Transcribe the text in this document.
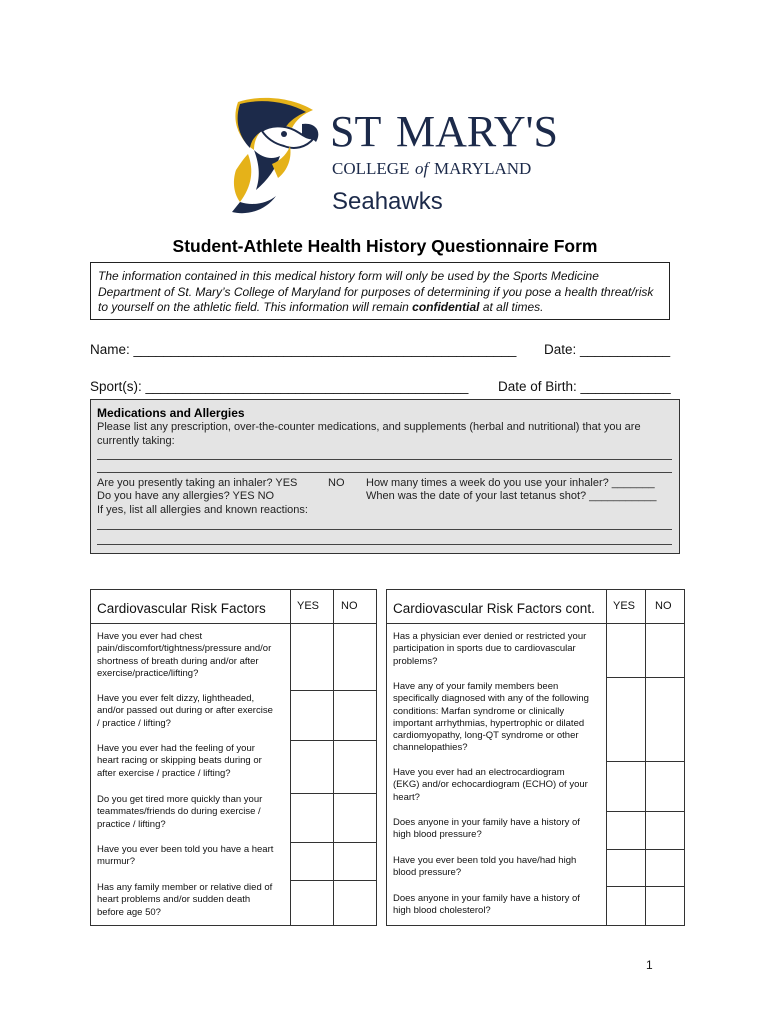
ST MARY'S
COLLEGE of MARYLAND
Seahawks
Student-Athlete Health History Questionnaire Form
The information contained in this medical history form will only be used by the Sports Medicine Department of St. Mary’s College of Maryland for purposes of determining if you pose a health threat/risk to yourself on the athletic field. This information will remain confidential at all times.
Name: ___________________________________________________ Date: ____________
Sport(s): ___________________________________________ Date of Birth: ____________
Medications and Allergies
Please list any prescription, over-the-counter medications, and supplements (herbal and nutritional) that you are
currently taking:
Are you presently taking an inhaler? YES	NO How many times a week do you use your inhaler? _______
Do you have any allergies? YES NO	When was the date of your last tetanus shot? ___________
If yes, list all allergies and known reactions:
Cardiovascular Risk Factors	YES NO
Have you ever had chest
pain/discomfort/tightness/pressure and/or
shortness of breath during and/or after
exercise/practice/lifting?
Have you ever felt dizzy, lightheaded,
and/or passed out during or after exercise
/ practice / lifting?
Have you ever had the feeling of your
heart racing or skipping beats during or
after exercise / practice / lifting?
Do you get tired more quickly than your
teammates/friends do during exercise /
practice / lifting?
Have you ever been told you have a heart
murmur?
Has any family member or relative died of
heart problems and/or sudden death
before age 50?
Cardiovascular Risk Factors cont. YES NO
Has a physician ever denied or restricted your
participation in sports due to cardiovascular
problems?
Have any of your family members been
specifically diagnosed with any of the following
conditions: Marfan syndrome or clinically
important arrhythmias, hypertrophic or dilated
cardiomyopathy, long-QT syndrome or other
channelopathies?
Have you ever had an electrocardiogram
(EKG) and/or echocardiogram (ECHO) of your
heart?
Does anyone in your family have a history of
high blood pressure?
Have you ever been told you have/had high
blood pressure?
Does anyone in your family have a history of
high blood cholesterol?
1
